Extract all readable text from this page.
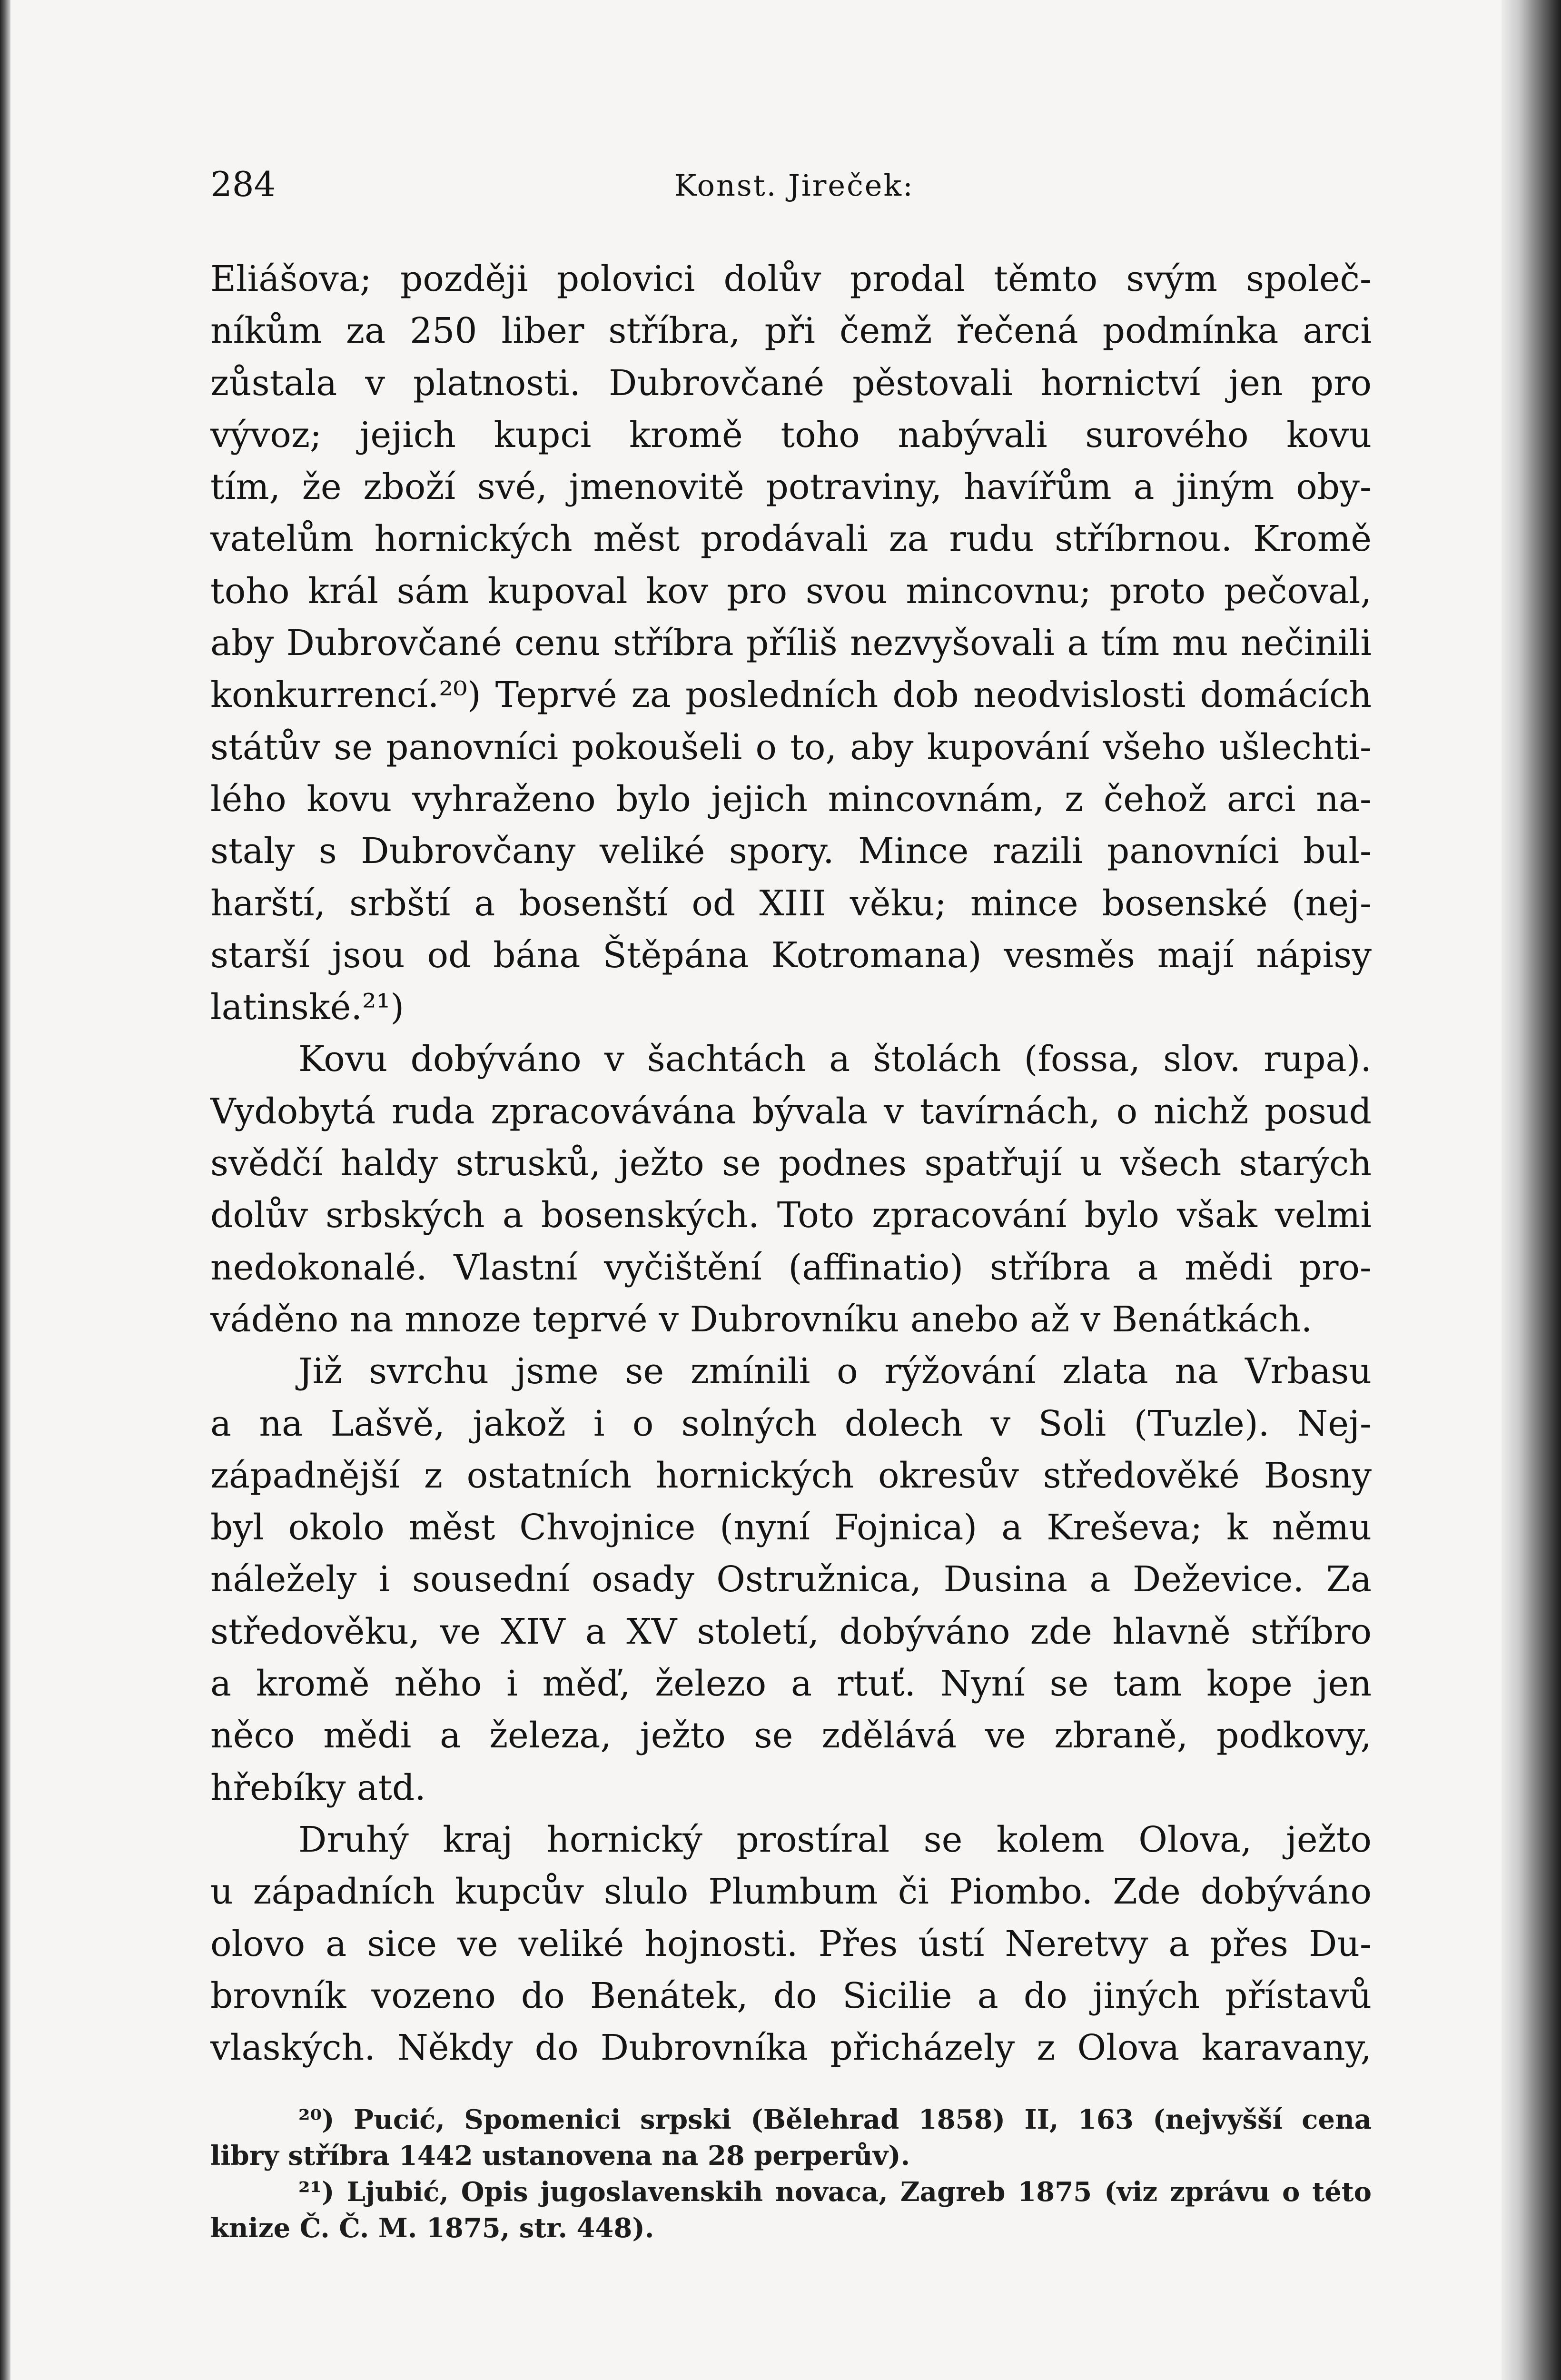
284	Konst. Jireček:
Eliášova; později polovici dolův prodal těmto svým společ-
níkům za 250 liber stříbra, při čemž řečená podmínka arci
zůstala v platnosti. Dubrovčané pěstovali hornictví jen pro
vývoz; jejich kupci kromě toho nabývali surového kovu
tím, že zboží své, jmenovitě potraviny, havířům a jiným oby-
vatelům hornických měst prodávali za rudu stříbrnou. Kromě
toho král sám kupoval kov pro svou mincovnu; proto pečoval,
aby Dubrovčané cenu stříbra příliš nezvyšovali a tím mu nečinili
konkurrencí.²⁰) Teprvé za posledních dob neodvislosti domácích
státův se panovníci pokoušeli o to, aby kupování všeho ušlechti-
lého kovu vyhraženo bylo jejich mincovnám, z čehož arci na-
staly s Dubrovčany veliké spory. Mince razili panovníci bul-
harští, srbští a bosenští od XIII věku; mince bosenské (nej-
starší jsou od bána Štěpána Kotromana) vesměs mají nápisy
latinské.²¹)
Kovu dobýváno v šachtách a štolách (fossa, slov. rupa).
Vydobytá ruda zpracovávána bývala v tavírnách, o nichž posud
svědčí haldy strusků, ježto se podnes spatřují u všech starých
dolův srbských a bosenských. Toto zpracování bylo však velmi
nedokonalé. Vlastní vyčištění (affinatio) stříbra a mědi pro-
váděno na mnoze teprvé v Dubrovníku anebo až v Benátkách.
Již svrchu jsme se zmínili o rýžování zlata na Vrbasu
a na Lašvě, jakož i o solných dolech v Soli (Tuzle). Nej-
západnější z ostatních hornických okresův středověké Bosny
byl okolo měst Chvojnice (nyní Fojnica) a Kreševa; k němu
náležely i sousední osady Ostružnica, Dusina a Deževice. Za
středověku, ve XIV a XV století, dobýváno zde hlavně stříbro
a kromě něho i měď, železo a rtuť. Nyní se tam kope jen
něco mědi a železa, ježto se zdělává ve zbraně, podkovy,
hřebíky atd.
Druhý kraj hornický prostíral se kolem Olova, ježto
u západních kupcův slulo Plumbum či Piombo. Zde dobýváno
olovo a sice ve veliké hojnosti. Přes ústí Neretvy a přes Du-
brovník vozeno do Benátek, do Sicilie a do jiných přístavů
vlaských. Někdy do Dubrovníka přicházely z Olova karavany,
²⁰) Pucić, Spomenici srpski (Bělehrad 1858) II, 163 (nejvyšší cena
libry stříbra 1442 ustanovena na 28 perperův).
²¹) Ljubić, Opis jugoslavenskih novaca, Zagreb 1875 (viz zprávu o této
knize Č. Č. M. 1875, str. 448).
